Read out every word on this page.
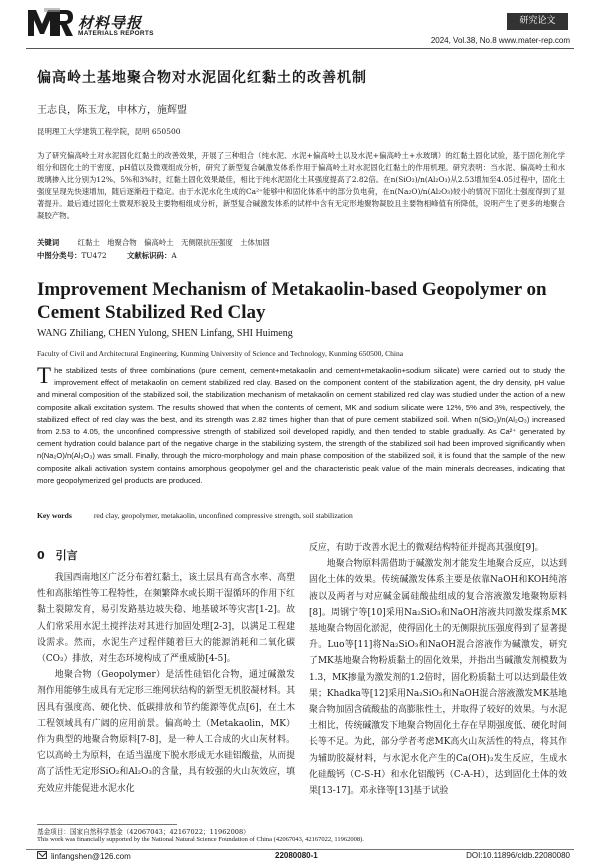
材料导报
MATERIALS REPORTS
研究论文
2024, Vol.38, No.8 www.mater-rep.com
偏高岭土基地聚合物对水泥固化红黏土的改善机制
王志良，陈玉龙，申林方，施辉盟
昆明理工大学建筑工程学院，昆明 650500
为了研究偏高岭土对水泥固化红黏土的改善效果，开展了三种组合（纯水泥、水泥+偏高岭土以及水泥+偏高岭土+水玻璃）的红黏土固化试验，基于固化剂化学组分和固化土的干密度、pH值以及微观组成分析，研究了新型复合碱激发体系作用于偏高岭土对水泥固化红黏土的作用机理。研究表明：当水泥、偏高岭土和水玻璃掺入比分别为12%、5%和3%时，红黏土固化效果最佳，相比于纯水泥固化土其强度提高了2.82倍。在n(SiO₂)/n(Al₂O₃)从2.53增加至4.05过程中，固化土强度呈现先快速增加，随后逐渐趋于稳定。由于水泥水化生成的Ca²⁺能够中和固化体系中的部分负电荷，在n(Na₂O)/n(Al₂O₃)较小的情况下固化土强度得到了显著提升。最后通过固化土微观形貌及主要物相组成分析，新型复合碱激发体系的试样中含有无定形地聚物凝胶且主要物相峰值有所降低，说明产生了更多的地聚合凝胶产物。
关键词 红黏土　地聚合物　偏高岭土　无侧限抗压强度　土体加固
中图分类号：TU472	文献标识码：A
Improvement Mechanism of Metakaolin-based Geopolymer on Cement Stabilized Red Clay
WANG Zhiliang, CHEN Yulong, SHEN Linfang, SHI Huimeng
Faculty of Civil and Architectural Engineering, Kunming University of Science and Technology, Kunming 650500, China
The stabilized tests of three combinations (pure cement, cement+metakaolin and cement+metakaolin+sodium silicate) were carried out to study the improvement effect of metakaolin on cement stabilized red clay. Based on the component content of the stabilization agent, the dry density, pH value and mineral composition of the stabilized soil, the stabilization mechanism of metakaolin on cement stabilized red clay was studied under the action of a new composite alkali excitation system. The results showed that when the contents of cement, MK and sodium silicate were 12%, 5% and 3%, respectively, the stabilized effect of red clay was the best, and its strength was 2.82 times higher than that of pure cement stabilized soil. When n(SiO₂)/n(Al₂O₃) increased from 2.53 to 4.05, the unconfined compressive strength of stabilized soil developed rapidly, and then tended to stable gradually. As Ca²⁺ generated by cement hydration could balance part of the negative charge in the stabilizing system, the strength of the stabilized soil had been improved significantly when n(Na₂O)/n(Al₂O₃) was small. Finally, through the micro-morphology and main phase composition of the stabilized soil, it is found that the sample of the new composite alkali activation system contains amorphous geopolymer gel and the characteristic peak value of the main minerals decreases, indicating that more geopolymerized gel products are produced.
Key words	red clay, geopolymer, metakaolin, unconfined compressive strength, soil stabilization
0　引言

我国西南地区广泛分布着红黏土，该土层具有高含水率、高塑性和高胀缩性等工程特性，在频繁降水或长期干湿循环的作用下红黏土裂隙发育，易引发路基边坡失稳、地基破坏等灾害[1-2]。故人们常采用水泥土搅拌法对其进行加固处理[2-3]，以满足工程建设需求。然而，水泥生产过程伴随着巨大的能源消耗和二氧化碳（CO₂）排放，对生态环境构成了严重威胁[4-5]。

地聚合物（Geopolymer）是活性硅铝化合物，通过碱激发剂作用能够生成具有无定形三维网状结构的新型无机胶凝材料。其因具有强度高、硬化快、低碳排放和节约能源等优点[6]，在土木工程领域具有广阔的应用前景。偏高岭土（Metakaolin，MK）作为典型的地聚合物原料[7-8]，是一种人工合成的火山灰材料。它以高岭土为原料，在适当温度下脱水形成无水硅铝酸盐，从而提高了活性无定形SiO₂和Al₂O₃的含量，具有较强的火山灰效应，填充效应并能促进水泥水化

反应，有助于改善水泥土的微观结构特征并提高其强度[9]。

地聚合物原料需借助于碱激发剂才能发生地聚合反应，以达到固化土体的效果。传统碱激发体系主要是依靠NaOH和KOH纯溶液以及两者与对应碱金属硅酸盐组成的复合溶液激发地聚物原料[8]。周钢宁等[10]采用Na₂SiO₃和NaOH溶液共同激发煤系MK基地聚合物固化淤泥，使得固化土的无侧限抗压强度得到了显著提升。Luo等[11]将Na₂SiO₃和NaOH混合溶液作为碱激发，研究了MK基地聚合物粉质黏土的固化效果，并指出当碱激发剂模数为1.3，MK掺量为激发剂的1.2倍时，固化粉质黏土可以达到最佳效果；Khadka等[12]采用Na₂SiO₃和NaOH混合溶液激发MK基地聚合物加固含硫酸盐的高膨胀性土，并取得了较好的效果。与水泥土相比，传统碱激发下地聚合物固化土存在早期强度低、硬化时间长等不足。为此，部分学者考虑MK高火山灰活性的特点，将其作为辅助胶凝材料，与水泥水化产生的Ca(OH)₂发生反应，生成水化硅酸钙（C-S-H）和水化铝酸钙（C-A-H），达到固化土体的效果[13-17]。邓永锋等[13]基于试验

基金项目：国家自然科学基金（42067043；42167022；11962008）
This work was financially supported by the National Natural Science Foundation of China (42067043, 42167022, 11962008).
linfangshen@126.com	22080080-1	DOI:10.11896/cldb.22080080
